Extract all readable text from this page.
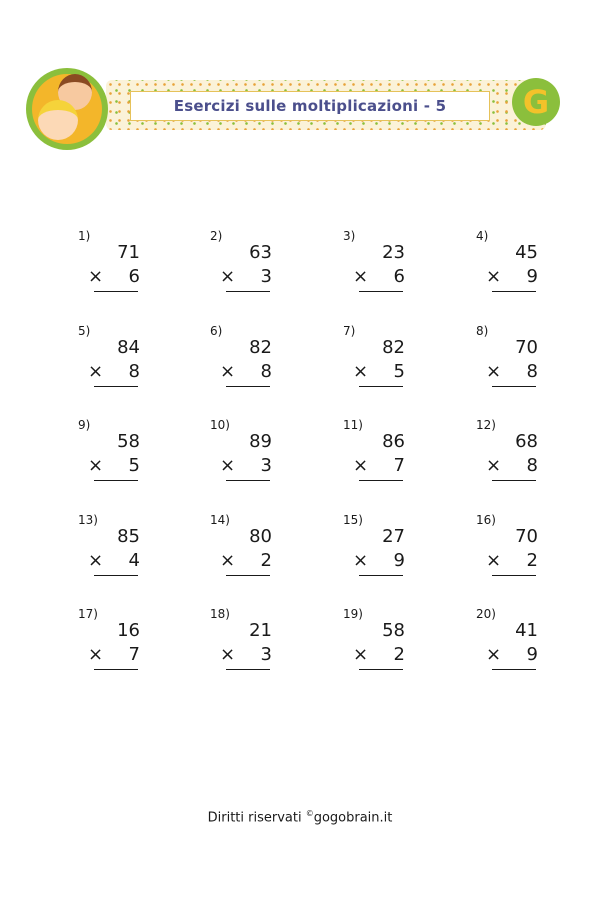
Esercizi sulle moltiplicazioni - 5 G
1)
71
× 6
2)
63
× 3
3)
23
× 6
4)
45
× 9
5)
84
× 8
6)
82
× 8
7)
82
× 5
8)
70
× 8
9)
58
× 5
10)
89
× 3
11)
86
× 7
12)
68
× 8
13)
85
× 4
14)
80
× 2
15)
27
× 9
16)
70
× 2
17)
16
× 7
18)
21
× 3
19)
58
× 2
20)
41
× 9
Diritti riservati ©gogobrain.it
